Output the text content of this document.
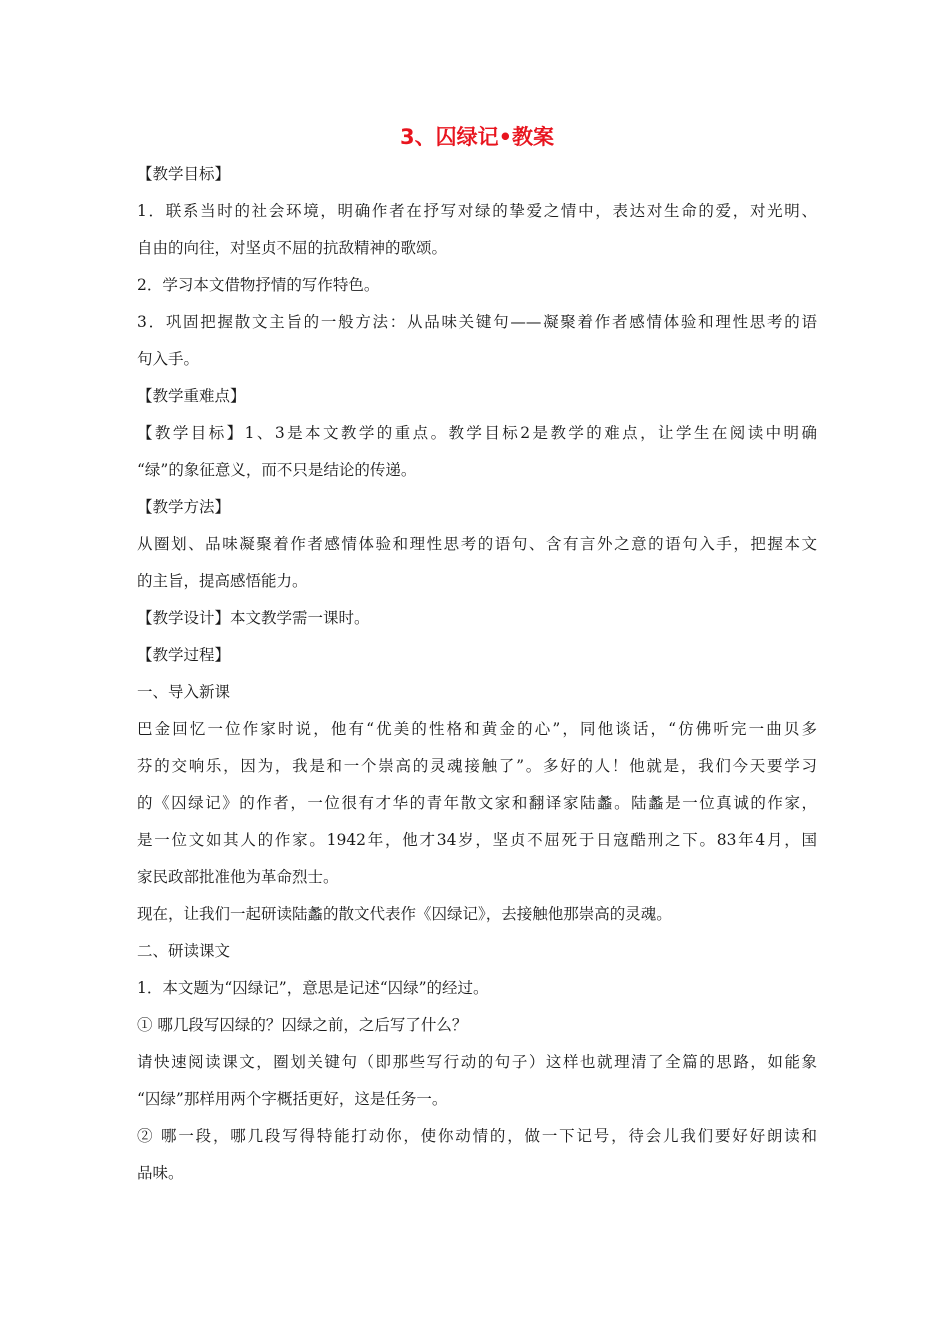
3、囚绿记•教案

【教学目标】

1．联系当时的社会环境，明确作者在抒写对绿的挚爱之情中，表达对生命的爱，对光明、

自由的向往，对坚贞不屈的抗敌精神的歌颂。

2．学习本文借物抒情的写作特色。

3．巩固把握散文主旨的一般方法：从品味关键句——凝聚着作者感情体验和理性思考的语

句入手。

【教学重难点】

【教学目标】1、3是本文教学的重点。教学目标2是教学的难点，让学生在阅读中明确

“绿”的象征意义，而不只是结论的传递。

【教学方法】

从圈划、品味凝聚着作者感情体验和理性思考的语句、含有言外之意的语句入手，把握本文

的主旨，提高感悟能力。

【教学设计】本文教学需一课时。

【教学过程】

一、导入新课

巴金回忆一位作家时说，他有“优美的性格和黄金的心”，同他谈话，“仿佛听完一曲贝多

芬的交响乐，因为，我是和一个崇高的灵魂接触了”。多好的人！他就是，我们今天要学习

的《囚绿记》的作者，一位很有才华的青年散文家和翻译家陆蠡。陆蠡是一位真诚的作家，

是一位文如其人的作家。1942年，他才34岁，坚贞不屈死于日寇酷刑之下。83年4月，国

家民政部批准他为革命烈士。

现在，让我们一起研读陆蠡的散文代表作《囚绿记》，去接触他那崇高的灵魂。

二、研读课文

1．本文题为“囚绿记”，意思是记述“囚绿”的经过。

① 哪几段写囚绿的？囚绿之前，之后写了什么？

请快速阅读课文，圈划关键句（即那些写行动的句子）这样也就理清了全篇的思路，如能象

“囚绿”那样用两个字概括更好，这是任务一。

② 哪一段，哪几段写得特能打动你，使你动情的，做一下记号，待会儿我们要好好朗读和

品味。
